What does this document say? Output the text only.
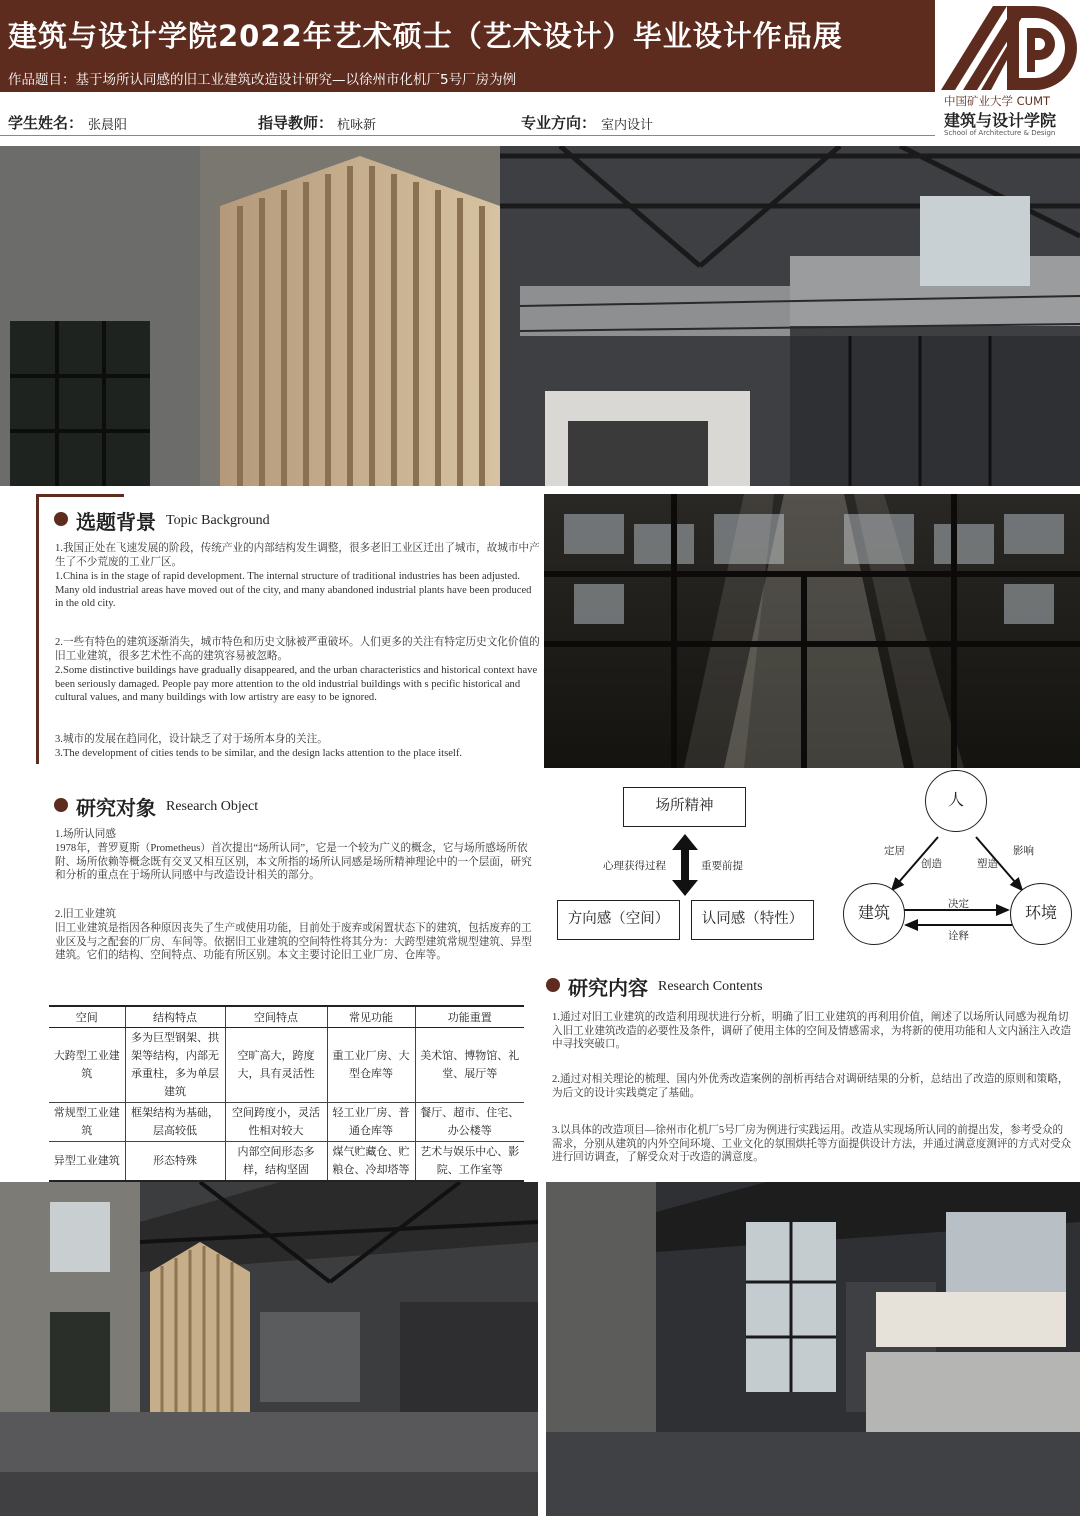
建筑与设计学院2022年艺术硕士（艺术设计）毕业设计作品展
作品题目：基于场所认同感的旧工业建筑改造设计研究—以徐州市化机厂5号厂房为例
中国矿业大学 CUMT
建筑与设计学院
School of Architecture & Design
学生姓名： 张晨阳	指导教师： 杭咏新	专业方向： 室内设计
选题背景 Topic Background
1.我国正处在飞速发展的阶段，传统产业的内部结构发生调整，很多老旧工业区迁出了城市，故城市中产生了不少荒废的工业厂区。
1.China is in the stage of rapid development. The internal structure of traditional industries has been adjusted. Many old industrial areas have moved out of the city, and many abandoned industrial plants have been produced in the old city.
2.一些有特色的建筑逐渐消失，城市特色和历史文脉被严重破坏。人们更多的关注有特定历史文化价值的旧工业建筑，很多艺术性不高的建筑容易被忽略。
2.Some distinctive buildings have gradually disappeared, and the urban characteristics and historical context have been seriously damaged. People pay more attention to the old industrial buildings with s pecific historical and cultural values, and many buildings with low artistry are easy to be ignored.
3.城市的发展在趋同化，设计缺乏了对于场所本身的关注。
3.The development of cities tends to be similar, and the design lacks attention to the place itself.
研究对象 Research Object
1.场所认同感
1978年，普罗夏斯（Prometheus）首次提出“场所认同”，它是一个较为广义的概念，它与场所感场所依附、场所依赖等概念既有交叉又相互区别，本文所指的场所认同感是场所精神理论中的一个层面，研究和分析的重点在于场所认同感中与改造设计相关的部分。
2.旧工业建筑
旧工业建筑是指因各种原因丧失了生产或使用功能，目前处于废弃或闲置状态下的建筑，包括废弃的工业区及与之配套的厂房、车间等。依据旧工业建筑的空间特性将其分为：大跨型建筑常规型建筑、异型建筑。它们的结构、空间特点、功能有所区别。本文主要讨论旧工业厂房、仓库等。
空间	结构特点	空间特点	常见功能	功能重置
大跨型工业建筑	多为巨型钢架、拱架等结构，内部无承重柱，多为单层建筑	空旷高大，跨度大，具有灵活性	重工业厂房、大型仓库等	美术馆、博物馆、礼堂、展厅等
常规型工业建筑	框架结构为基础，层高较低	空间跨度小，灵活性相对较大	轻工业厂房、普通仓库等	餐厅、超市、住宅、办公楼等
异型工业建筑	形态特殊	内部空间形态多样，结构坚固	煤气贮藏仓、贮粮仓、冷却塔等	艺术与娱乐中心、影院、工作室等
场所精神
心理获得过程	重要前提
方向感（空间）	认同感（特性）
人
建筑	环境
定居
创造	塑造
影响
决定
诠释
研究内容 Research Contents
1.通过对旧工业建筑的改造利用现状进行分析，明确了旧工业建筑的再利用价值，阐述了以场所认同感为视角切入旧工业建筑改造的必要性及条件，调研了使用主体的空间及情感需求，为将新的使用功能和人文内涵注入改造中寻找突破口。
2.通过对相关理论的梳理、国内外优秀改造案例的剖析再结合对调研结果的分析，总结出了改造的原则和策略，为后文的设计实践奠定了基础。
3.以具体的改造项目—徐州市化机厂5号厂房为例进行实践运用。改造从实现场所认同的前提出发，参考受众的需求，分别从建筑的内外空间环境、工业文化的氛围烘托等方面提供设计方法，并通过满意度测评的方式对受众进行回访调查，了解受众对于改造的满意度。
